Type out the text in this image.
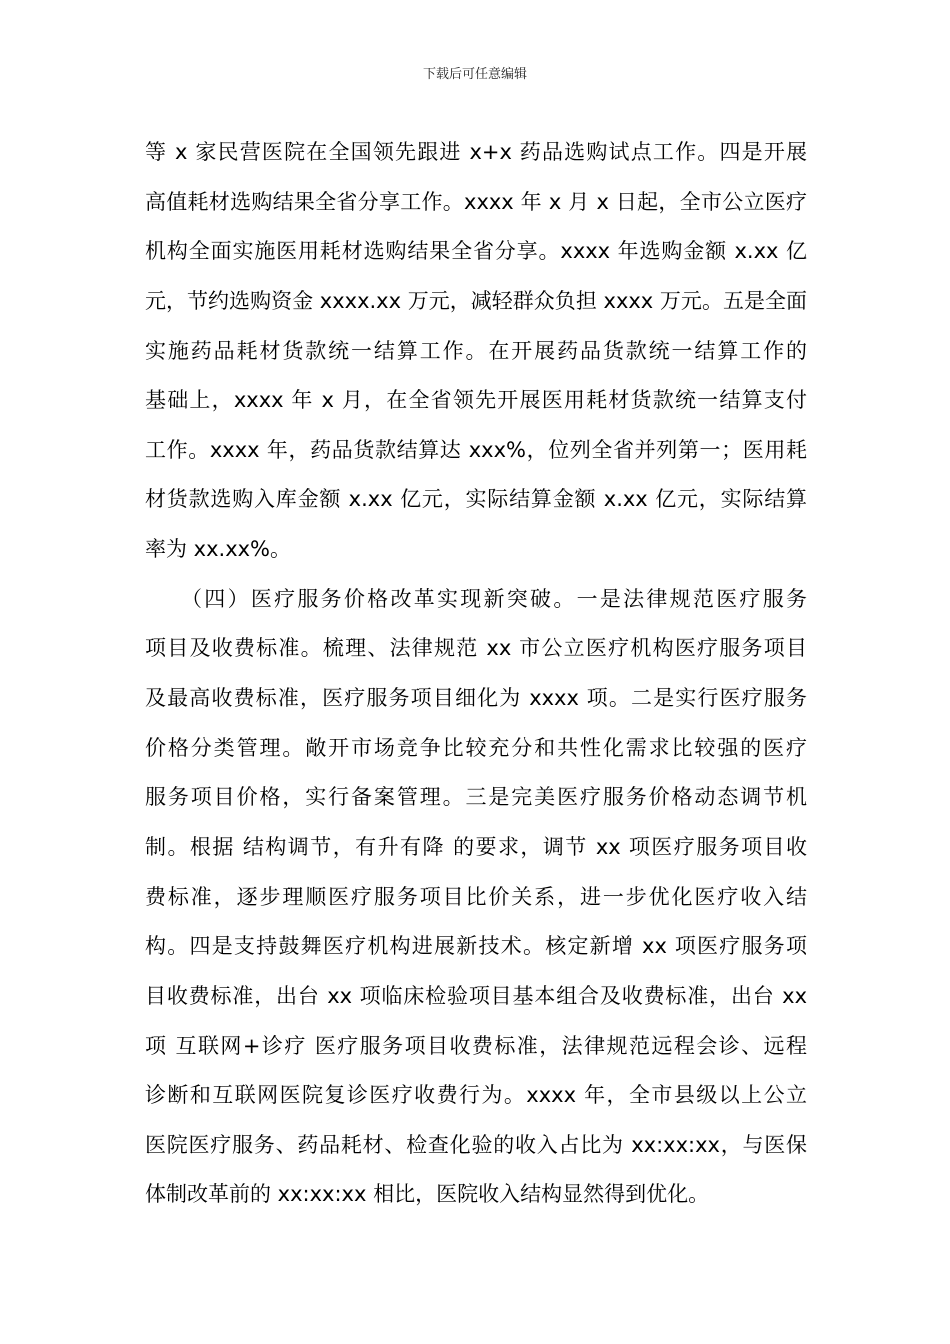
下载后可任意编辑
等 x 家民营医院在全国领先跟进 x+x 药品选购试点工作。四是开展
高值耗材选购结果全省分享工作。xxxx 年 x 月 x 日起，全市公立医疗
机构全面实施医用耗材选购结果全省分享。xxxx 年选购金额 x.xx 亿
元，节约选购资金 xxxx.xx 万元，减轻群众负担 xxxx 万元。五是全面
实施药品耗材货款统一结算工作。在开展药品货款统一结算工作的
基础上，xxxx 年 x 月，在全省领先开展医用耗材货款统一结算支付
工作。xxxx 年，药品货款结算达 xxx%，位列全省并列第一；医用耗
材货款选购入库金额 x.xx 亿元，实际结算金额 x.xx 亿元，实际结算
率为 xx.xx%。
　　（四）医疗服务价格改革实现新突破。一是法律规范医疗服务
项目及收费标准。梳理、法律规范 xx 市公立医疗机构医疗服务项目
及最高收费标准，医疗服务项目细化为 xxxx 项。二是实行医疗服务
价格分类管理。敞开市场竞争比较充分和共性化需求比较强的医疗
服务项目价格，实行备案管理。三是完美医疗服务价格动态调节机
制。根据 结构调节，有升有降 的要求，调节 xx 项医疗服务项目收
费标准，逐步理顺医疗服务项目比价关系，进一步优化医疗收入结
构。四是支持鼓舞医疗机构进展新技术。核定新增 xx 项医疗服务项
目收费标准，出台 xx 项临床检验项目基本组合及收费标准，出台 xx
项 互联网+诊疗 医疗服务项目收费标准，法律规范远程会诊、远程
诊断和互联网医院复诊医疗收费行为。xxxx 年，全市县级以上公立
医院医疗服务、药品耗材、检查化验的收入占比为 xx:xx:xx，与医保
体制改革前的 xx:xx:xx 相比，医院收入结构显然得到优化。
